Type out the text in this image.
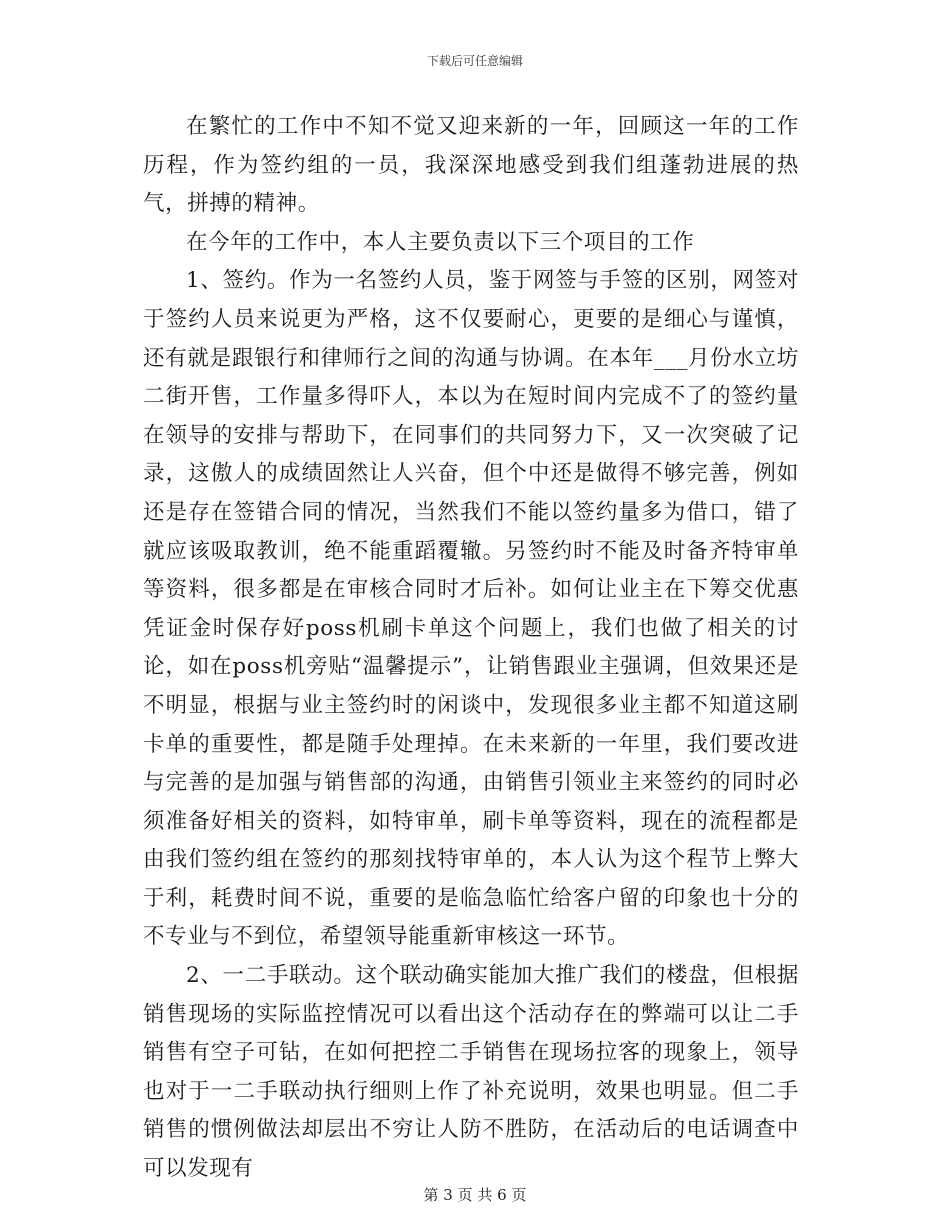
下载后可任意编辑

在繁忙的工作中不知不觉又迎来新的一年，回顾这一年的工作历程，作为签约组的一员，我深深地感受到我们组蓬勃进展的热气，拼搏的精神。

在今年的工作中，本人主要负责以下三个项目的工作

1、签约。作为一名签约人员，鉴于网签与手签的区别，网签对于签约人员来说更为严格，这不仅要耐心，更要的是细心与谨慎，还有就是跟银行和律师行之间的沟通与协调。在本年___月份水立坊二街开售，工作量多得吓人，本以为在短时间内完成不了的签约量在领导的安排与帮助下，在同事们的共同努力下，又一次突破了记录，这傲人的成绩固然让人兴奋，但个中还是做得不够完善，例如还是存在签错合同的情况，当然我们不能以签约量多为借口，错了就应该吸取教训，绝不能重蹈覆辙。另签约时不能及时备齐特审单等资料，很多都是在审核合同时才后补。如何让业主在下筹交优惠凭证金时保存好poss机刷卡单这个问题上，我们也做了相关的讨论，如在poss机旁贴“温馨提示”，让销售跟业主强调，但效果还是不明显，根据与业主签约时的闲谈中，发现很多业主都不知道这刷卡单的重要性，都是随手处理掉。在未来新的一年里，我们要改进与完善的是加强与销售部的沟通，由销售引领业主来签约的同时必须准备好相关的资料，如特审单，刷卡单等资料，现在的流程都是由我们签约组在签约的那刻找特审单的，本人认为这个程节上弊大于利，耗费时间不说，重要的是临急临忙给客户留的印象也十分的不专业与不到位，希望领导能重新审核这一环节。

2、一二手联动。这个联动确实能加大推广我们的楼盘，但根据销售现场的实际监控情况可以看出这个活动存在的弊端可以让二手销售有空子可钻，在如何把控二手销售在现场拉客的现象上，领导也对于一二手联动执行细则上作了补充说明，效果也明显。但二手销售的惯例做法却层出不穷让人防不胜防，在活动后的电话调查中可以发现有

第 3 页 共 6 页
